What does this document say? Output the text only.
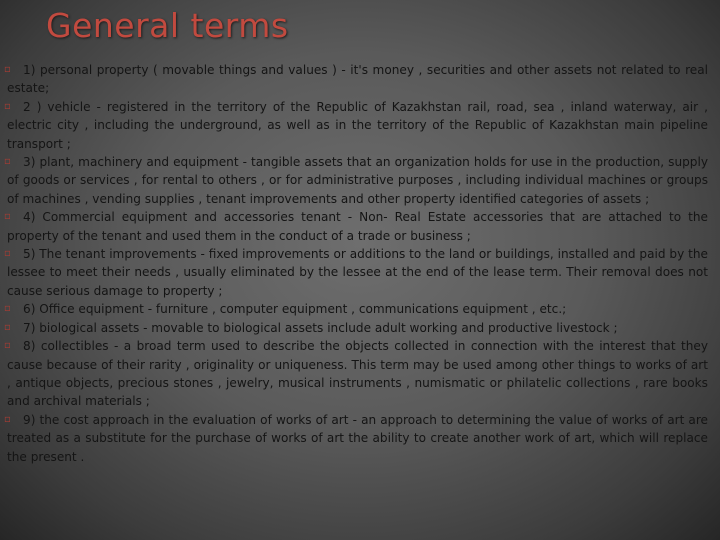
General terms

▫ 1) personal property ( movable things and values ) - it's money , securities and other assets not related to real estate;

▫ 2 ) vehicle - registered in the territory of the Republic of Kazakhstan rail, road, sea , inland waterway, air , electric city , including the underground, as well as in the territory of the Republic of Kazakhstan main pipeline transport ;

▫ 3) plant, machinery and equipment - tangible assets that an organization holds for use in the production, supply of goods or services , for rental to others , or for administrative purposes , including individual machines or groups of machines , vending supplies , tenant improvements and other property identified categories of assets ;

▫ 4) Commercial equipment and accessories tenant - Non- Real Estate accessories that are attached to the property of the tenant and used them in the conduct of a trade or business ;

▫ 5) The tenant improvements - fixed improvements or additions to the land or buildings, installed and paid by the lessee to meet their needs , usually eliminated by the lessee at the end of the lease term. Their removal does not cause serious damage to property ;

▫ 6) Office equipment - furniture , computer equipment , communications equipment , etc.;

▫ 7) biological assets - movable to biological assets include adult working and productive livestock ;

▫ 8) collectibles - a broad term used to describe the objects collected in connection with the interest that they cause because of their rarity , originality or uniqueness. This term may be used among other things to works of art , antique objects, precious stones , jewelry, musical instruments , numismatic or philatelic collections , rare books and archival materials ;

▫ 9) the cost approach in the evaluation of works of art - an approach to determining the value of works of art are treated as a substitute for the purchase of works of art the ability to create another work of art, which will replace the present .
